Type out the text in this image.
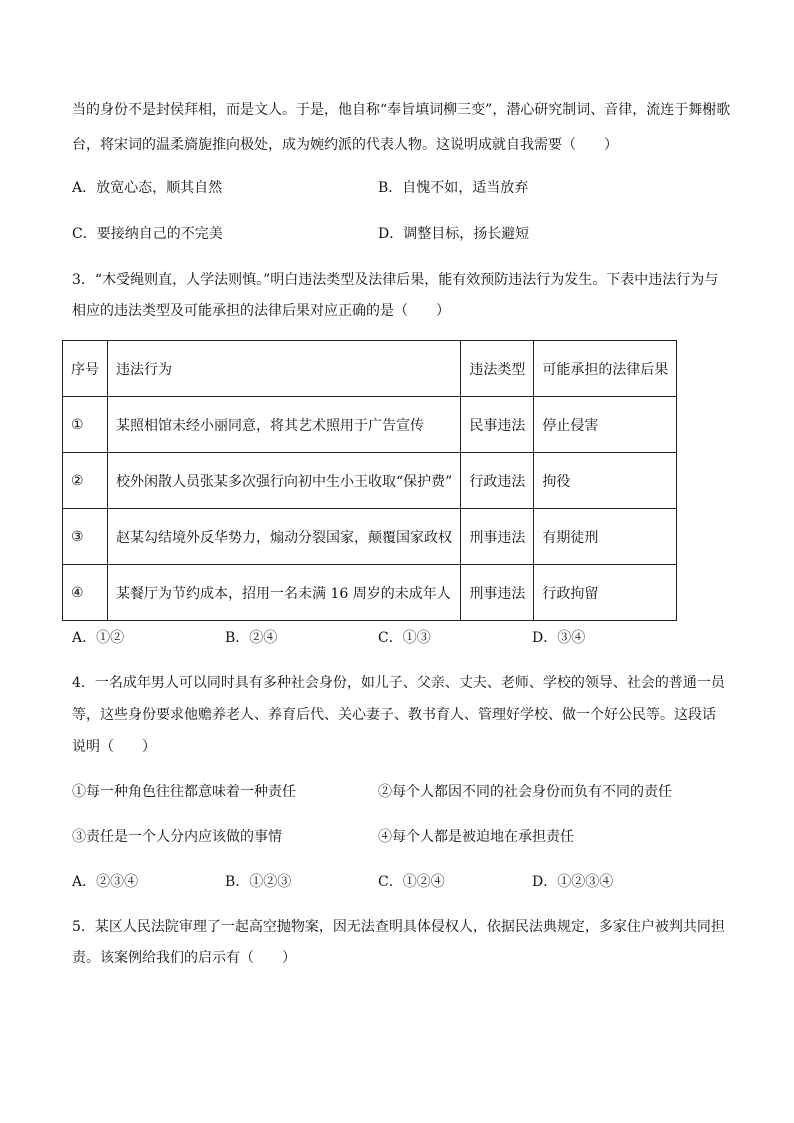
当的身份不是封侯拜相，而是文人。于是，他自称“奉旨填词柳三变”，潜心研究制词、音律，流连于舞榭歌
台，将宋词的温柔旖旎推向极处，成为婉约派的代表人物。这说明成就自我需要（　　）
A．放宽心态，顺其自然	B．自愧不如，适当放弃
C．要接纳自己的不完美	D．调整目标，扬长避短
3．“木受绳则直，人学法则慎。”明白违法类型及法律后果，能有效预防违法行为发生。下表中违法行为与
相应的违法类型及可能承担的法律后果对应正确的是（　　）
序号	违法行为	违法类型	可能承担的法律后果
①	某照相馆未经小丽同意，将其艺术照用于广告宣传	民事违法	停止侵害
②	校外闲散人员张某多次强行向初中生小王收取“保护费”	行政违法	拘役
③	赵某勾结境外反华势力，煽动分裂国家，颠覆国家政权	刑事违法	有期徒刑
④	某餐厅为节约成本，招用一名未满 16 周岁的未成年人	刑事违法	行政拘留
A．①②	B．②④	C．①③	D．③④
4．一名成年男人可以同时具有多种社会身份，如儿子、父亲、丈夫、老师、学校的领导、社会的普通一员
等，这些身份要求他赡养老人、养育后代、关心妻子、教书育人、管理好学校、做一个好公民等。这段话
说明（　　）
①每一种角色往往都意味着一种责任	②每个人都因不同的社会身份而负有不同的责任
③责任是一个人分内应该做的事情	④每个人都是被迫地在承担责任
A．②③④	B．①②③	C．①②④	D．①②③④
5．某区人民法院审理了一起高空抛物案，因无法查明具体侵权人，依据民法典规定，多家住户被判共同担
责。该案例给我们的启示有（　　）
